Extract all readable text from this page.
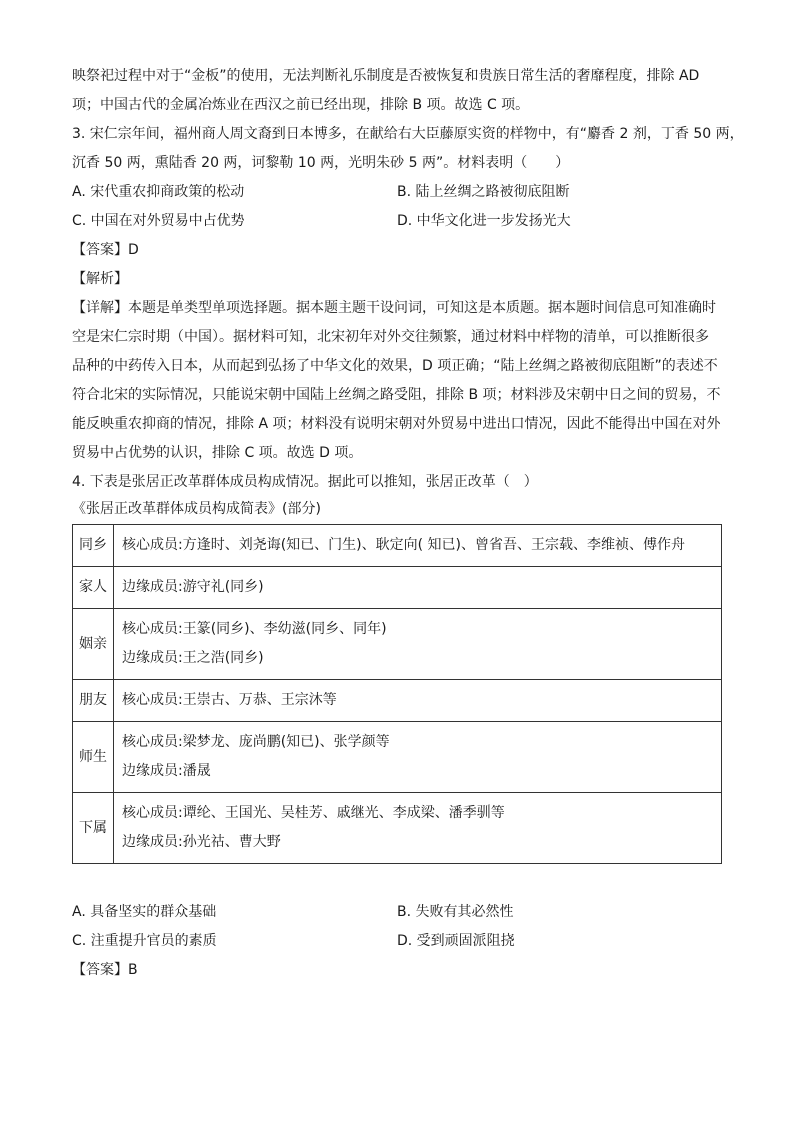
映祭祀过程中对于“金板”的使用，无法判断礼乐制度是否被恢复和贵族日常生活的奢靡程度，排除 AD
项；中国古代的金属冶炼业在西汉之前已经出现，排除 B 项。故选 C 项。
3. 宋仁宗年间，福州商人周文裔到日本博多，在献给右大臣藤原实资的样物中，有“麝香 2 剂，丁香 50 两，
沉香 50 两，熏陆香 20 两，诃黎勒 10 两，光明朱砂 5 两”。材料表明（　　）
A. 宋代重农抑商政策的松动	B. 陆上丝绸之路被彻底阻断
C. 中国在对外贸易中占优势	D. 中华文化进一步发扬光大

【答案】D

【解析】

【详解】本题是单类型单项选择题。据本题主题干设问词，可知这是本质题。据本题时间信息可知准确时
空是宋仁宗时期（中国）。据材料可知，北宋初年对外交往频繁，通过材料中样物的清单，可以推断很多
品种的中药传入日本，从而起到弘扬了中华文化的效果，D 项正确；“陆上丝绸之路被彻底阻断”的表述不
符合北宋的实际情况，只能说宋朝中国陆上丝绸之路受阻，排除 B 项；材料涉及宋朝中日之间的贸易，不
能反映重农抑商的情况，排除 A 项；材料没有说明宋朝对外贸易中进出口情况，因此不能得出中国在对外
贸易中占优势的认识，排除 C 项。故选 D 项。

4. 下表是张居正改革群体成员构成情况。据此可以推知，张居正改革（　）

《张居正改革群体成员构成简表》(部分)

同乡	核心成员:方逢时、刘尧诲(知已、门生)、耿定向( 知已)、曾省吾、王宗载、李维祯、傅作舟

家人	边缘成员:游守礼(同乡)

姻亲	核心成员:王篆(同乡)、李幼滋(同乡、同年)
边缘成员:王之浩(同乡)

朋友	核心成员:王崇古、万恭、王宗沐等

师生	核心成员:梁梦龙、庞尚鹏(知已)、张学颜等
边缘成员:潘晟

下属	核心成员:谭纶、王国光、吴桂芳、戚继光、李成梁、潘季驯等
边缘成员:孙光祜、曹大野
A. 具备坚实的群众基础	B. 失败有其必然性
C. 注重提升官员的素质	D. 受到顽固派阻挠

【答案】B
